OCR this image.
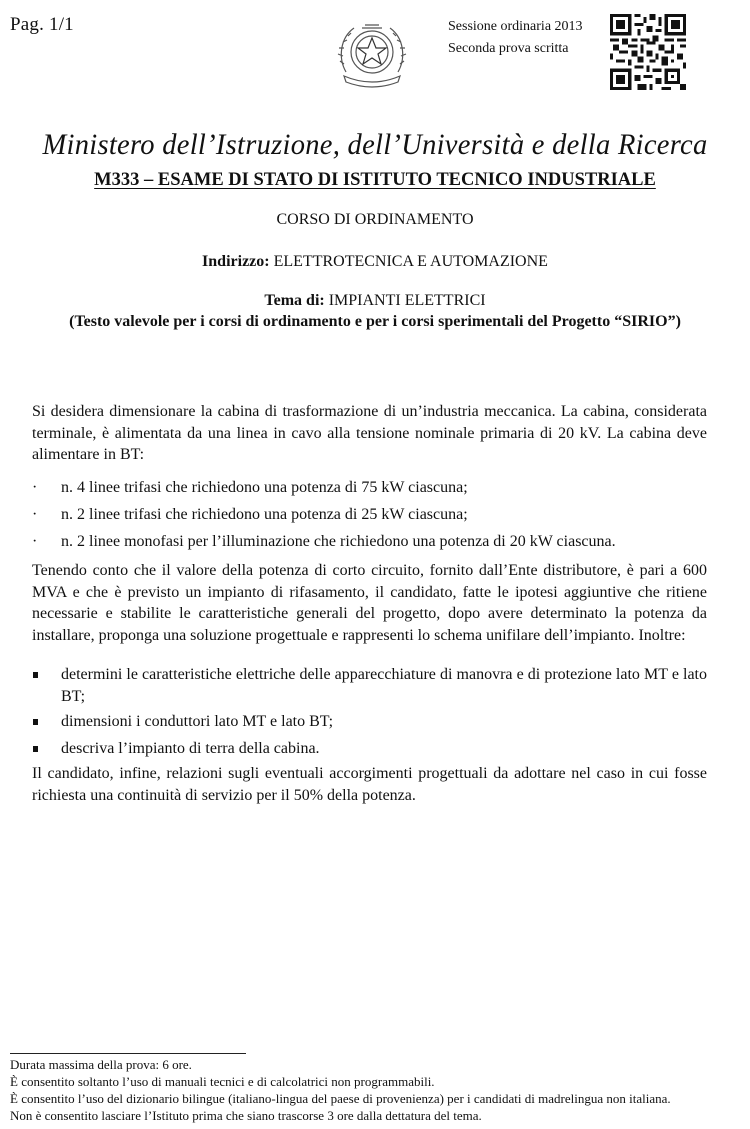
Pag. 1/1	Sessione ordinaria 2013
Seconda prova scritta
Ministero dell’Istruzione, dell’Università e della Ricerca
M333 – ESAME DI STATO DI ISTITUTO TECNICO INDUSTRIALE
CORSO DI ORDINAMENTO
Indirizzo: ELETTROTECNICA E AUTOMAZIONE
Tema di: IMPIANTI ELETTRICI
(Testo valevole per i corsi di ordinamento e per i corsi sperimentali del Progetto “SIRIO”)
Si desidera dimensionare la cabina di trasformazione di un’industria meccanica. La cabina, considerata terminale, è alimentata da una linea in cavo alla tensione nominale primaria di 20 kV. La cabina deve alimentare in BT:
· n. 4 linee trifasi che richiedono una potenza di 75 kW ciascuna;
· n. 2 linee trifasi che richiedono una potenza di 25 kW ciascuna;
· n. 2 linee monofasi per l’illuminazione che richiedono una potenza di 20 kW ciascuna.
Tenendo conto che il valore della potenza di corto circuito, fornito dall’Ente distributore, è pari a 600 MVA e che è previsto un impianto di rifasamento, il candidato, fatte le ipotesi aggiuntive che ritiene necessarie e stabilite le caratteristiche generali del progetto, dopo avere determinato la potenza da installare, proponga una soluzione progettuale e rappresenti lo schema unifilare dell’impianto. Inoltre:
determini le caratteristiche elettriche delle apparecchiature di manovra e di protezione lato MT e lato BT;
dimensioni i conduttori lato MT e lato BT;
descriva l’impianto di terra della cabina.
Il candidato, infine, relazioni sugli eventuali accorgimenti progettuali da adottare nel caso in cui fosse richiesta una continuità di servizio per il 50% della potenza.
Durata massima della prova: 6 ore.
È consentito soltanto l’uso di manuali tecnici e di calcolatrici non programmabili.
È consentito l’uso del dizionario bilingue (italiano-lingua del paese di provenienza) per i candidati di madrelingua non italiana.
Non è consentito lasciare l’Istituto prima che siano trascorse 3 ore dalla dettatura del tema.
